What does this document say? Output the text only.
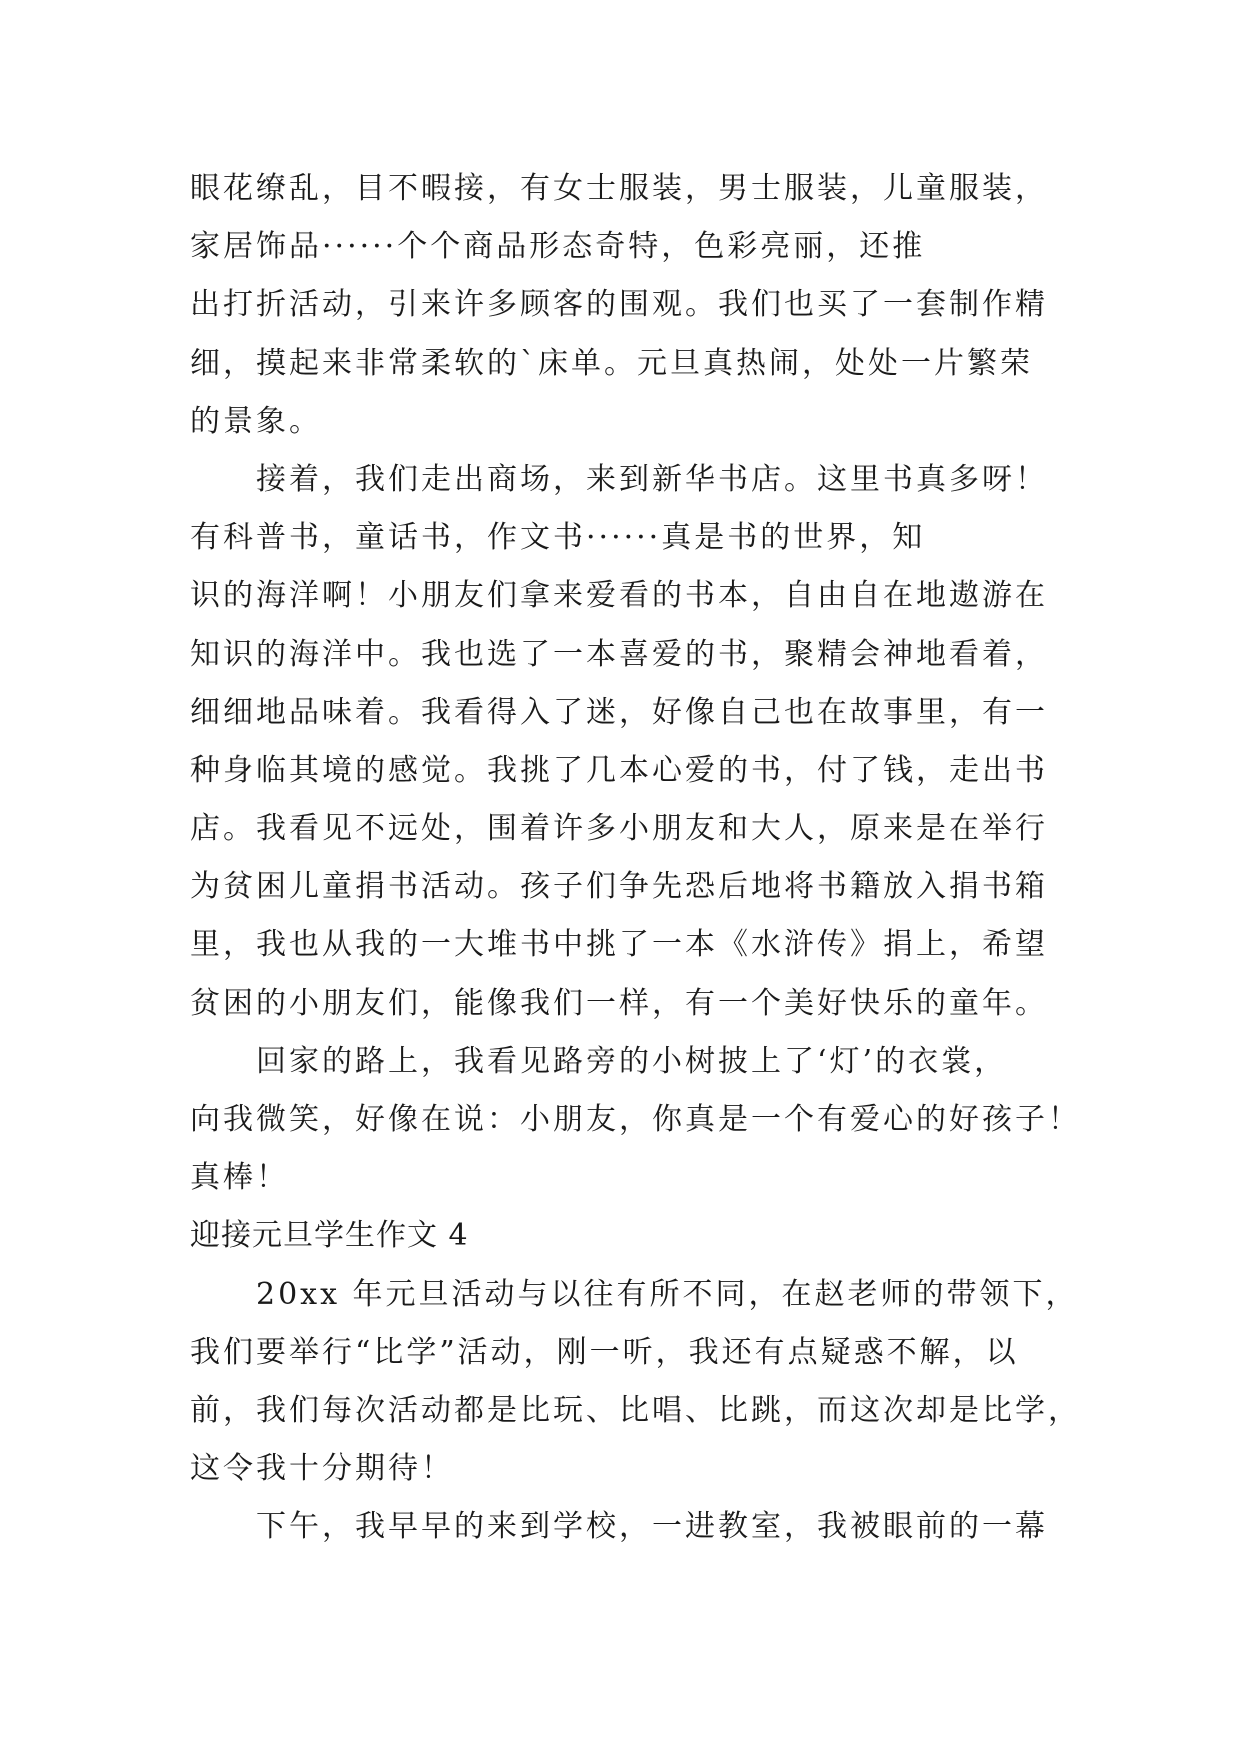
眼花缭乱，目不暇接，有女士服装，男士服装，儿童服装，
家居饰品······个个商品形态奇特，色彩亮丽，还推
出打折活动，引来许多顾客的围观。我们也买了一套制作精
细，摸起来非常柔软的`床单。元旦真热闹，处处一片繁荣
的景象。
接着，我们走出商场，来到新华书店。这里书真多呀！
有科普书，童话书，作文书······真是书的世界，知
识的海洋啊！小朋友们拿来爱看的书本，自由自在地遨游在
知识的海洋中。我也选了一本喜爱的书，聚精会神地看着，
细细地品味着。我看得入了迷，好像自己也在故事里，有一
种身临其境的感觉。我挑了几本心爱的书，付了钱，走出书
店。我看见不远处，围着许多小朋友和大人，原来是在举行
为贫困儿童捐书活动。孩子们争先恐后地将书籍放入捐书箱
里，我也从我的一大堆书中挑了一本《水浒传》捐上，希望
贫困的小朋友们，能像我们一样，有一个美好快乐的童年。
回家的路上，我看见路旁的小树披上了‘灯’的衣裳，
向我微笑，好像在说：小朋友，你真是一个有爱心的好孩子！
真棒！
迎接元旦学生作文 4
20xx 年元旦活动与以往有所不同，在赵老师的带领下，
我们要举行“比学”活动，刚一听，我还有点疑惑不解，以
前，我们每次活动都是比玩、比唱、比跳，而这次却是比学，
这令我十分期待！
下午，我早早的来到学校，一进教室，我被眼前的一幕
